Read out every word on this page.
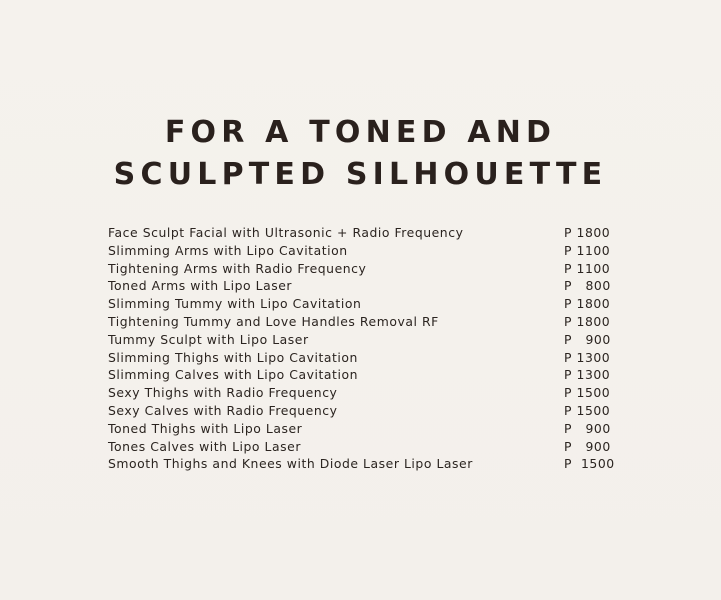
FOR A TONED AND
SCULPTED SILHOUETTE
Face Sculpt Facial with Ultrasonic + Radio Frequency	P 1800
Slimming Arms with Lipo Cavitation	P 1100
Tightening Arms with Radio Frequency	P 1100
Toned Arms with Lipo Laser	P   800
Slimming Tummy with Lipo Cavitation	P 1800
Tightening Tummy and Love Handles Removal RF	P 1800
Tummy Sculpt with Lipo Laser	P   900
Slimming Thighs with Lipo Cavitation	P 1300
Slimming Calves with Lipo Cavitation	P 1300
Sexy Thighs with Radio Frequency	P 1500
Sexy Calves with Radio Frequency	P 1500
Toned Thighs with Lipo Laser	P   900
Tones Calves with Lipo Laser	P   900
Smooth Thighs and Knees with Diode Laser Lipo Laser	P  1500
